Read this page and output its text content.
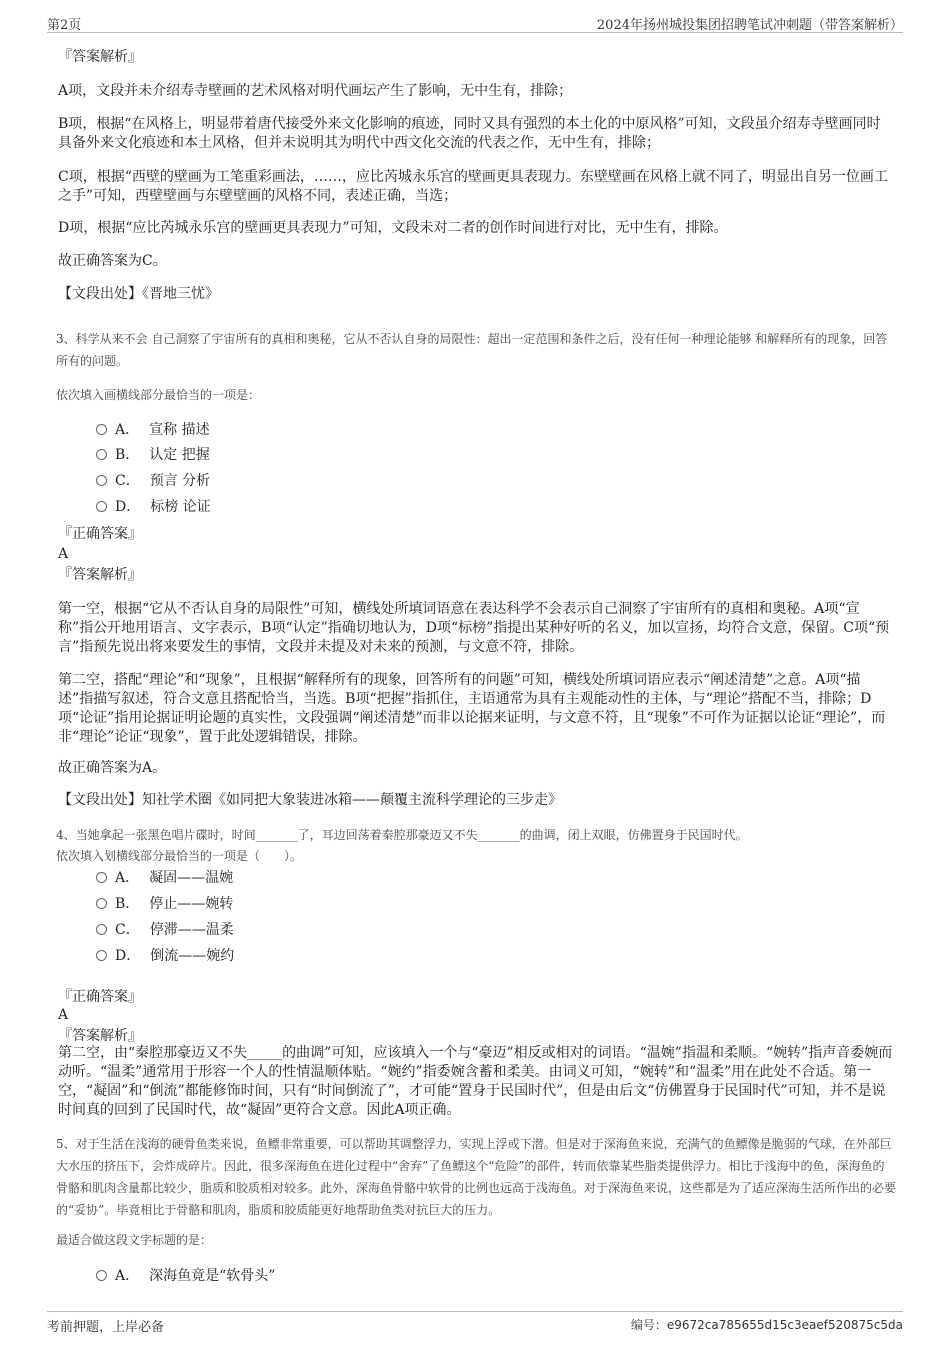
第2页	2024年扬州城投集团招聘笔试冲刺题（带答案解析）

『答案解析』

A项，文段并未介绍寿寺壁画的艺术风格对明代画坛产生了影响，无中生有，排除；

B项，根据“在风格上，明显带着唐代接受外来文化影响的痕迹，同时又具有强烈的本土化的中原风格”可知，文段虽介绍寿寺壁画同时具备外来文化痕迹和本土风格，但并未说明其为明代中西文化交流的代表之作，无中生有，排除；

C项，根据“西壁的壁画为工笔重彩画法，……，应比芮城永乐宫的壁画更具表现力。东壁壁画在风格上就不同了，明显出自另一位画工之手”可知，西壁壁画与东壁壁画的风格不同，表述正确，当选；

D项，根据“应比芮城永乐宫的壁画更具表现力”可知，文段未对二者的创作时间进行对比，无中生有，排除。

故正确答案为C。

【文段出处】《晋地三忧》

3、科学从来不会 自己洞察了宇宙所有的真相和奥秘，它从不否认自身的局限性：超出一定范围和条件之后，没有任何一种理论能够 和解释所有的现象，回答所有的问题。

依次填入画横线部分最恰当的一项是：

A． 宣称 描述
B． 认定 把握
C． 预言 分析
D． 标榜 论证

『正确答案』

A

『答案解析』

第一空，根据“它从不否认自身的局限性”可知，横线处所填词语意在表达科学不会表示自己洞察了宇宙所有的真相和奥秘。A项“宣称”指公开地用语言、文字表示，B项“认定”指确切地认为，D项“标榜”指提出某种好听的名义，加以宣扬，均符合文意，保留。C项“预言”指预先说出将来要发生的事情，文段并未提及对未来的预测，与文意不符，排除。

第二空，搭配“理论”和“现象”，且根据“解释所有的现象，回答所有的问题”可知，横线处所填词语应表示“阐述清楚”之意。A项“描述”指描写叙述，符合文意且搭配恰当，当选。B项“把握”指抓住，主语通常为具有主观能动性的主体，与“理论”搭配不当，排除；D项“论证”指用论据证明论题的真实性，文段强调“阐述清楚”而非以论据来证明，与文意不符，且“现象”不可作为证据以论证“理论”，而非“理论”论证“现象”，置于此处逻辑错误，排除。

故正确答案为A。

【文段出处】知社学术圈《如同把大象装进冰箱——颠覆主流科学理论的三步走》

4、当她拿起一张黑色唱片碟时，时间_______了，耳边回荡着秦腔那豪迈又不失_______的曲调，闭上双眼，仿佛置身于民国时代。

依次填入划横线部分最恰当的一项是（　　）。

A． 凝固——温婉
B． 停止——婉转
C． 停滞——温柔
D． 倒流——婉约

『正确答案』

A

『答案解析』

第二空，由“秦腔那豪迈又不失_____的曲调”可知，应该填入一个与“豪迈”相反或相对的词语。“温婉”指温和柔顺。“婉转”指声音委婉而动听。“温柔”通常用于形容一个人的性情温顺体贴。“婉约”指委婉含蓄和柔美。由词义可知，“婉转”和“温柔”用在此处不合适。第一空，“凝固”和“倒流”都能修饰时间，只有“时间倒流了”，才可能“置身于民国时代”，但是由后文“仿佛置身于民国时代”可知，并不是说时间真的回到了民国时代，故“凝固”更符合文意。因此A项正确。

5、对于生活在浅海的硬骨鱼类来说，鱼鳔非常重要，可以帮助其调整浮力，实现上浮或下潜。但是对于深海鱼来说，充满气的鱼鳔像是脆弱的气球，在外部巨大水压的挤压下，会炸成碎片。因此，很多深海鱼在进化过程中“舍弃”了鱼鳔这个“危险”的部件，转而依靠某些脂类提供浮力。相比于浅海中的鱼，深海鱼的骨骼和肌肉含量都比较少，脂质和胶质相对较多。此外，深海鱼骨骼中软骨的比例也远高于浅海鱼。对于深海鱼来说，这些都是为了适应深海生活所作出的必要的“妥协”。毕竟相比于骨骼和肌肉，脂质和胶质能更好地帮助鱼类对抗巨大的压力。

最适合做这段文字标题的是：

A． 深海鱼竟是“软骨头”
考前押题，上岸必备	编号：e9672ca785655d15c3eaef520875c5da
